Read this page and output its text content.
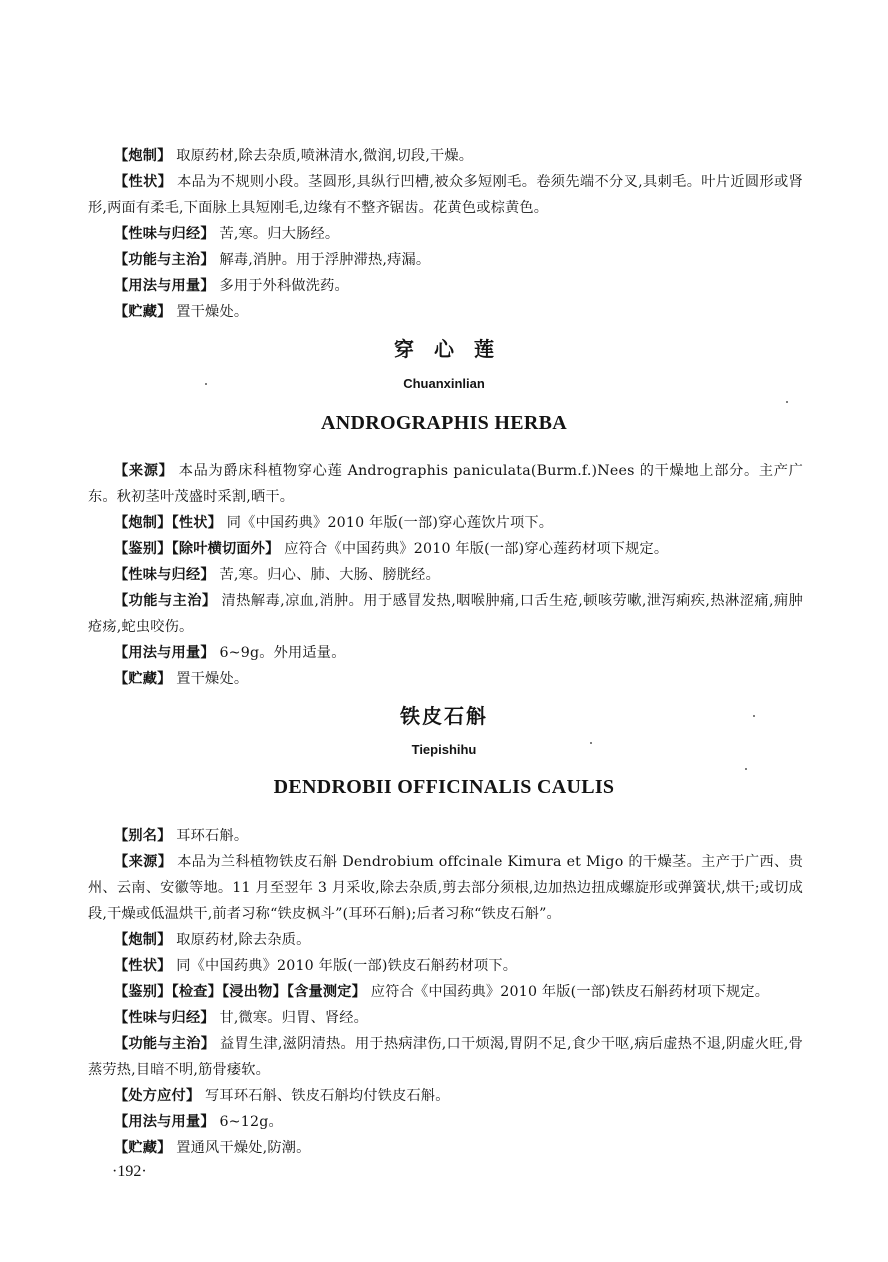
【炮制】 取原药材,除去杂质,喷淋清水,微润,切段,干燥。

【性状】 本品为不规则小段。茎圆形,具纵行凹槽,被众多短刚毛。卷须先端不分叉,具刺毛。叶片近圆形或肾形,两面有柔毛,下面脉上具短刚毛,边缘有不整齐锯齿。花黄色或棕黄色。

【性味与归经】 苦,寒。归大肠经。

【功能与主治】 解毒,消肿。用于浮肿滞热,痔漏。

【用法与用量】 多用于外科做洗药。

【贮藏】 置干燥处。

穿心莲
Chuanxinlian
ANDROGRAPHIS HERBA

【来源】 本品为爵床科植物穿心莲 Andrographis paniculata(Burm.f.)Nees 的干燥地上部分。主产广东。秋初茎叶茂盛时采割,晒干。

【炮制】【性状】 同《中国药典》2010 年版(一部)穿心莲饮片项下。

【鉴别】【除叶横切面外】 应符合《中国药典》2010 年版(一部)穿心莲药材项下规定。

【性味与归经】 苦,寒。归心、肺、大肠、膀胱经。

【功能与主治】 清热解毒,凉血,消肿。用于感冒发热,咽喉肿痛,口舌生疮,顿咳劳嗽,泄泻痢疾,热淋涩痛,痈肿疮疡,蛇虫咬伤。

【用法与用量】 6~9g。外用适量。

【贮藏】 置干燥处。

铁皮石斛
Tiepishihu
DENDROBII OFFICINALIS CAULIS

【别名】 耳环石斛。

【来源】 本品为兰科植物铁皮石斛 Dendrobium offcinale Kimura et Migo 的干燥茎。主产于广西、贵州、云南、安徽等地。11 月至翌年 3 月采收,除去杂质,剪去部分须根,边加热边扭成螺旋形或弹簧状,烘干;或切成段,干燥或低温烘干,前者习称“铁皮枫斗”(耳环石斛);后者习称“铁皮石斛”。

【炮制】 取原药材,除去杂质。

【性状】 同《中国药典》2010 年版(一部)铁皮石斛药材项下。

【鉴别】【检查】【浸出物】【含量测定】 应符合《中国药典》2010 年版(一部)铁皮石斛药材项下规定。

【性味与归经】 甘,微寒。归胃、肾经。

【功能与主治】 益胃生津,滋阴清热。用于热病津伤,口干烦渴,胃阴不足,食少干呕,病后虚热不退,阴虚火旺,骨蒸劳热,目暗不明,筋骨痿软。

【处方应付】 写耳环石斛、铁皮石斛均付铁皮石斛。

【用法与用量】 6~12g。

【贮藏】 置通风干燥处,防潮。

·192·
